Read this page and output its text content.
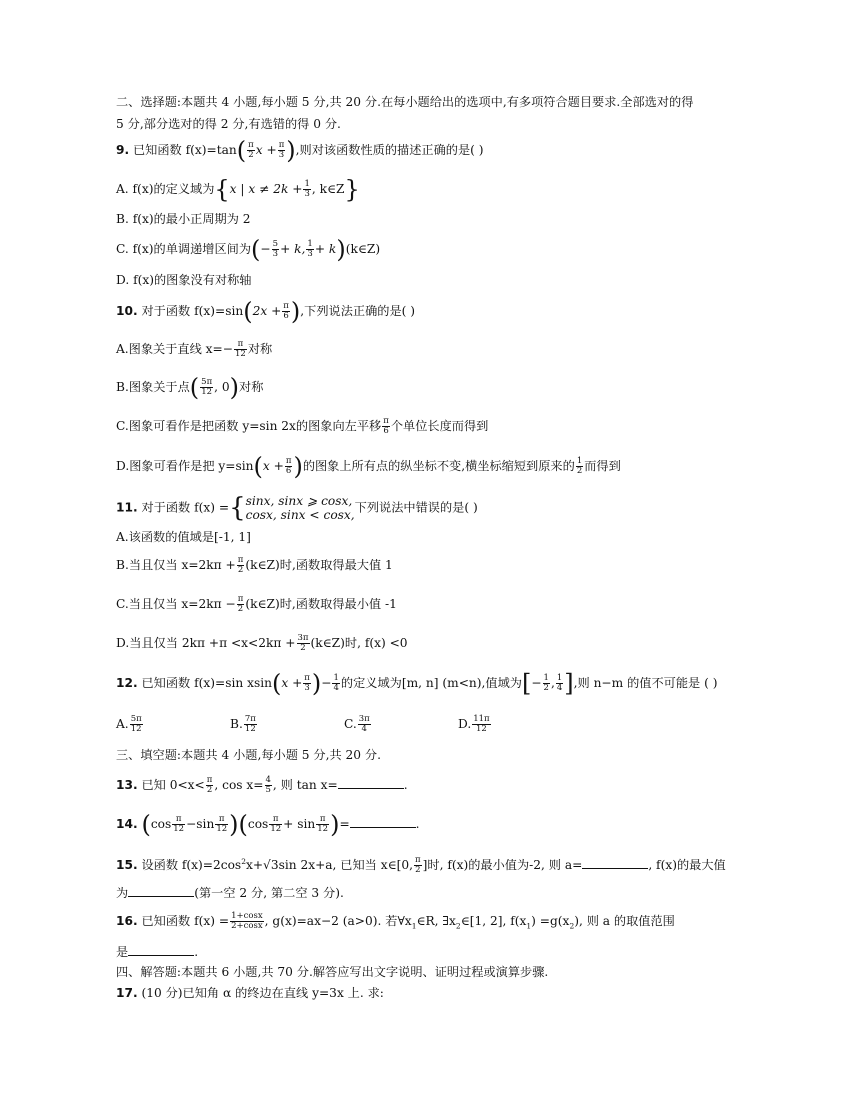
二、选择题:本题共 4 小题,每小题 5 分,共 20 分.在每小题给出的选项中,有多项符合题目要求.全部选对的得
5 分,部分选对的得 2 分,有选错的得 0 分.
9. 已知函数 $f(x)=\tan( \frac{\pi}{2}$ $x + \frac{\pi}{3}$ ),则对该函数性质的描述正确的是( )
A. f(x)的定义域为{x | $x \ne 2k + \frac{1}{3}$ , k∈Z}
B. f(x)的最小正周期为 2
C. f(x)的单调递增区间为(− $\frac{5}{3} + k$, $\frac{1}{3}$ + k)(k∈Z)
D. f(x)的图象没有对称轴
10. 对于函数 $f(x)=\sin(2x + \frac{\pi}{6}$ ),下列说法正确的是( )
A.图象关于直线 $x=- \frac{\pi}{12}$ 对称
B.图象关于点( $\frac{5\pi}{12}$ , 0)对称
C.图象可看作是把函数 y=sin 2x的图象向左平移 $\frac{\pi}{6}$ 个单位长度而得到
D.图象可看作是把 $y=\sin(x + \frac{\pi}{6}$ )的图象上所有点的纵坐标不变,横坐标缩短到原来的 $\frac{1}{2}$ 而得到
11. 对于函数 f(x) ={ sinx, sinx ⩾ cosx,
cosx, sinx < cosx,
下列说法中错误的是( )
A.该函数的值域是[-1, 1]
B.当且仅当 $x=2k\pi + \frac{\pi}{2}$ (k∈Z)时,函数取得最大值 1
C.当且仅当 $x=2k\pi - \frac{\pi}{2}$ (k∈Z)时,函数取得最小值 -1
D.当且仅当 $2k\pi +\pi <x<2k\pi + \frac{3\pi}{2}$ (k∈Z)时, f(x) <0
12. 已知函数 f(x)=sin $xsin(x + \frac{\pi}{3}$ )− $\frac{1}{4}$ 的定义域为[m, n] (m<n),值域为[− $\frac{1}{2}$ , $\frac{1}{4}$ ],则 n−m 的值不可能是 ( )
A. $\frac{5\pi}{12}$	B. $\frac{7\pi}{12}$	C. $\frac{3\pi}{4}$	D. $\frac{11\pi}{12}$
三、填空题:本题共 4 小题,每小题 5 分,共 20 分.
13. 已知 $0<x< \frac{\pi}{2}$ , $\cos x= \frac{4}{5}$ , 则 tan x=	.
14. $(\cos \frac{\pi}{12} -\sin \frac{\pi}{12} )(\cos \frac{\pi}{12} + \sin \frac{\pi}{12}$ )=	.
15. 设函数 $f(x)=2\cos^2x+√3\sin$ 2x+a, 已知当 x∈[0, $\frac{\pi}{2}$ ]时, f(x)的最小值为-2, 则 a=	, f(x)的最大值
为	(第一空 2 分, 第二空 3 分).
16. 已知函数 $f(x) = \frac{1+\cos x}{2+\cos x}$ , g(x)=ax−2 (a>0). 若$\forall x_1\in R$, $\exists x_2\in[1$, 2], $f(x_1) =g(x_2)$, 则 a 的取值范围
是	.
四、解答题:本题共 6 小题,共 70 分.解答应写出文字说明、证明过程或演算步骤.
17. (10 分)已知角 α 的终边在直线 y=3x 上. 求:
